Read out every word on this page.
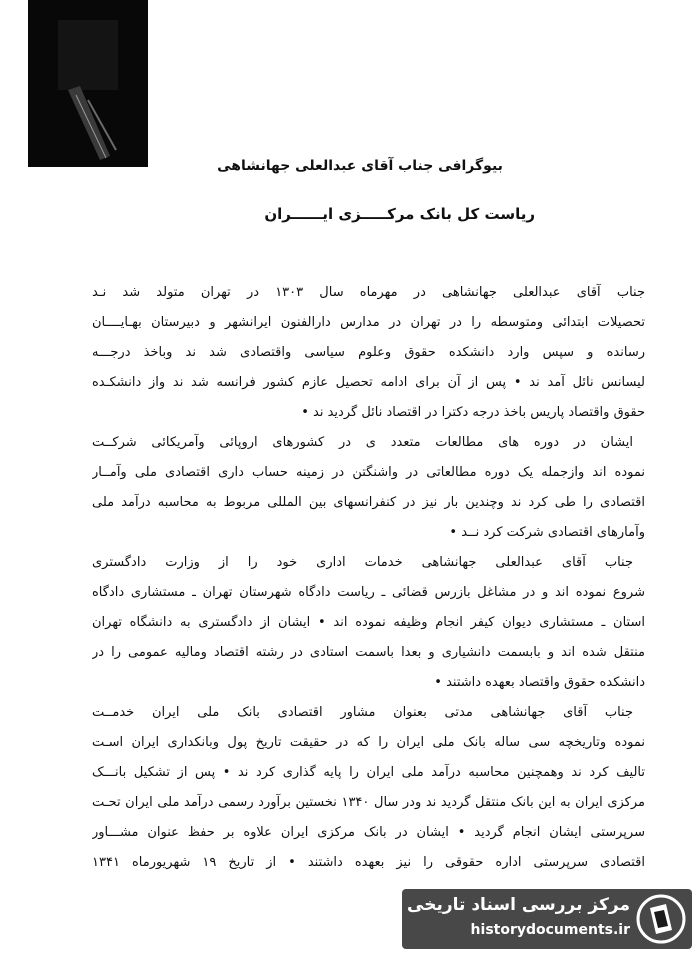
بیوگرافی جناب آقای عبدالعلی جهانشاهی
ریاست کل بانک مرکـــــزی ایــــــران
جناب آقای عبدالعلی جهانشاهی در مهرماه سال ۱۳۰۳ در تهران متولد شد نـد
تحصیلات ابتدائی ومتوسطه را در تهران در مدارس دارالفنون ایرانشهر و دبیرستان بهـایــــان
رسانده و سپس وارد دانشکده حقوق وعلوم سیاسی واقتصادی شد ند وباخذ درجـــه
لیسانس نائل آمد ند • پس از آن برای ادامه تحصیل عازم کشور فرانسه شد ند واز دانشکـده
حقوق واقتصاد پاریس باخذ درجه دکترا در اقتصاد نائل گردید ند •
ایشان در دوره های مطالعات متعدد ی در کشورهای اروپائی وآمریکائی شرکــت
نموده اند وازجمله یک دوره مطالعاتی در واشنگتن در زمینه حساب داری اقتصادی ملی وآمــار
اقتصادی را طی کرد ند وچندین بار نیز در کنفرانسهای بین المللی مربوط به محاسبه درآمد ملی
وآمارهای اقتصادی شرکت کرد نــد •
جناب آقای عبدالعلی جهانشاهی خدمات اداری خود را از وزارت دادگستری
شروع نموده اند و در مشاغل بازرس قضائی ـ ریاست دادگاه شهرستان تهران ـ مستشاری دادگاه
استان ـ مستشاری دیوان کیفر انجام وظیفه نموده اند • ایشان از دادگستری به دانشگاه تهران
منتقل شده اند و بابسمت دانشیاری و بعدا باسمت استادی در رشته اقتصاد ومالیه عمومی را در
دانشکده حقوق واقتصاد بعهده داشتند •
جناب آقای جهانشاهی مدتی بعنوان مشاور اقتصادی بانک ملی ایران خدمــت
نموده وتاریخچه سی ساله بانک ملی ایران را که در حقیقت تاریخ پول وبانکداری ایران اسـت
تالیف کرد ند وهمچنین محاسبه درآمد ملی ایران را پایه گذاری کرد ند • پس از تشکیل بانـــک
مرکزی ایران به این بانک منتقل گردید ند ودر سال ۱۳۴۰ نخستین برآورد رسمی درآمد ملی ایران تحـت
سرپرستی ایشان انجام گردید • ایشان در بانک مرکزی ایران علاوه بر حفظ عنوان مشـــاور
اقتصادی سرپرستی اداره حقوقی را نیز بعهده داشتند • از تاریخ ۱۹ شهریورماه ۱۳۴۱
مرکز بررسی اسناد تاریخی
historydocuments.ir
